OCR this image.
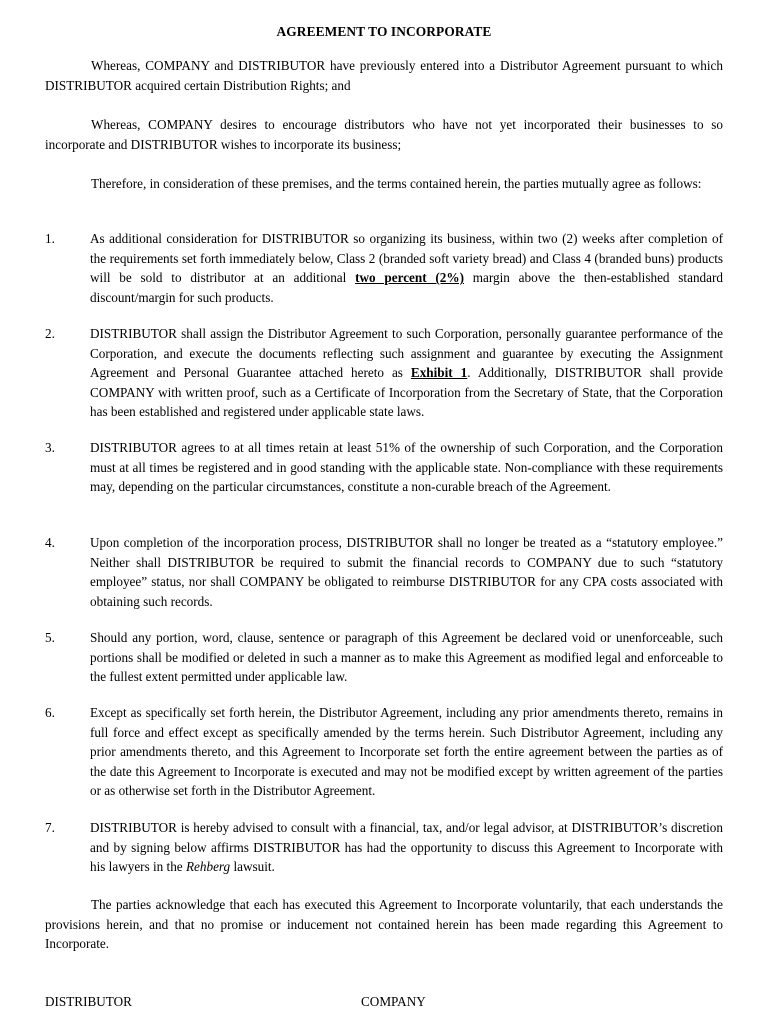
AGREEMENT TO INCORPORATE

Whereas, COMPANY and DISTRIBUTOR have previously entered into a Distributor Agreement pursuant to which DISTRIBUTOR acquired certain Distribution Rights; and

Whereas, COMPANY desires to encourage distributors who have not yet incorporated their businesses to so incorporate and DISTRIBUTOR wishes to incorporate its business;

Therefore, in consideration of these premises, and the terms contained herein, the parties mutually agree as follows:

1.	As additional consideration for DISTRIBUTOR so organizing its business, within two (2) weeks after completion of the requirements set forth immediately below, Class 2 (branded soft variety bread) and Class 4 (branded buns) products will be sold to distributor at an additional two percent (2%) margin above the then-established standard discount/margin for such products.
2.	DISTRIBUTOR shall assign the Distributor Agreement to such Corporation, personally guarantee performance of the Corporation, and execute the documents reflecting such assignment and guarantee by executing the Assignment Agreement and Personal Guarantee attached hereto as Exhibit 1. Additionally, DISTRIBUTOR shall provide COMPANY with written proof, such as a Certificate of Incorporation from the Secretary of State, that the Corporation has been established and registered under applicable state laws.
3.	DISTRIBUTOR agrees to at all times retain at least 51% of the ownership of such Corporation, and the Corporation must at all times be registered and in good standing with the applicable state. Non-compliance with these requirements may, depending on the particular circumstances, constitute a non-curable breach of the Agreement.
4.	Upon completion of the incorporation process, DISTRIBUTOR shall no longer be treated as a “statutory employee.” Neither shall DISTRIBUTOR be required to submit the financial records to COMPANY due to such “statutory employee” status, nor shall COMPANY be obligated to reimburse DISTRIBUTOR for any CPA costs associated with obtaining such records.
5.	Should any portion, word, clause, sentence or paragraph of this Agreement be declared void or unenforceable, such portions shall be modified or deleted in such a manner as to make this Agreement as modified legal and enforceable to the fullest extent permitted under applicable law.
6.	Except as specifically set forth herein, the Distributor Agreement, including any prior amendments thereto, remains in full force and effect except as specifically amended by the terms herein. Such Distributor Agreement, including any prior amendments thereto, and this Agreement to Incorporate set forth the entire agreement between the parties as of the date this Agreement to Incorporate is executed and may not be modified except by written agreement of the parties or as otherwise set forth in the Distributor Agreement.
7.	DISTRIBUTOR is hereby advised to consult with a financial, tax, and/or legal advisor, at DISTRIBUTOR’s discretion and by signing below affirms DISTRIBUTOR has had the opportunity to discuss this Agreement to Incorporate with his lawyers in the Rehberg lawsuit.

The parties acknowledge that each has executed this Agreement to Incorporate voluntarily, that each understands the provisions herein, and that no promise or inducement not contained herein has been made regarding this Agreement to Incorporate.

DISTRIBUTOR	COMPANY
